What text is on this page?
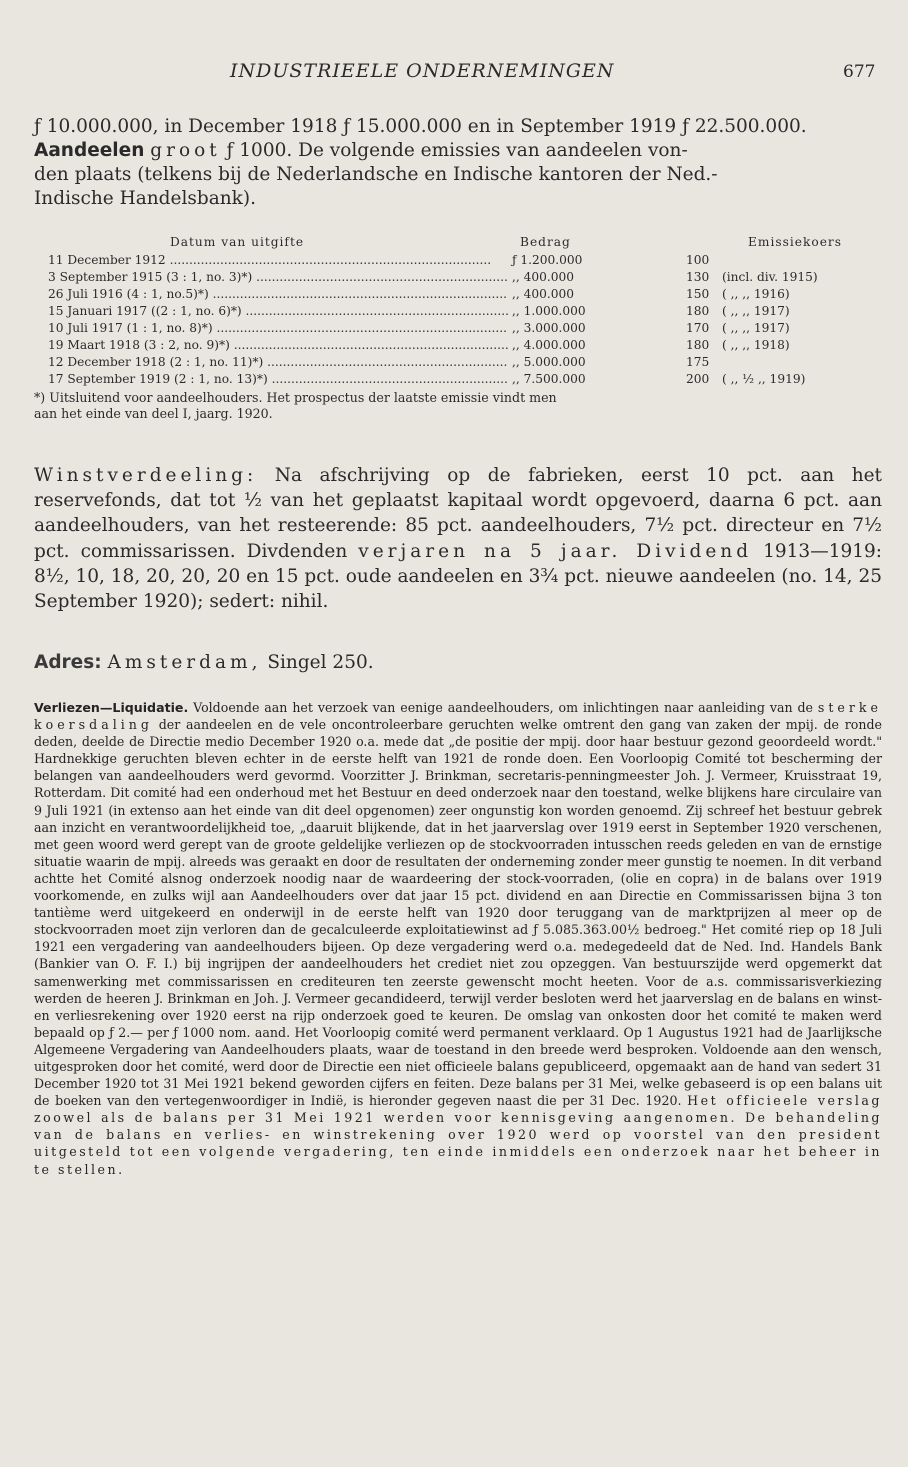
INDUSTRIEELE ONDERNEMINGEN	677

ƒ 10.000.000, in December 1918 ƒ 15.000.000 en in September 1919 ƒ 22.500.000.

Aandeelen groot ƒ 1000. De volgende emissies van aandeelen von-

den plaats (telkens bij de Nederlandsche en Indische kantoren der Ned.-

Indische Handelsbank).

Datum van uitgifte	Bedrag	Emissiekoers
11 December 1912 .....	ƒ 1.200.000	100
3 September 1915 (3 : 1, no. 3)*) .....	,, 400.000	130 (incl. div. 1915)
26 Juli 1916 (4 : 1, no.5)*) .....	,, 400.000	150 ( ,, ,, 1916)
15 Januari 1917 ((2 : 1, no. 6)*) .....	,, 1.000.000	180 ( ,, ,, 1917)
10 Juli 1917 (1 : 1, no. 8)*) .....	,, 3.000.000	170 ( ,, ,, 1917)
19 Maart 1918 (3 : 2, no. 9)*) .....	,, 4.000.000	180 ( ,, ,, 1918)
12 December 1918 (2 : 1, no. 11)*) .....	,, 5.000.000	175
17 September 1919 (2 : 1, no. 13)*) .....	,, 7.500.000	200 ( ,, ½ ,, 1919)
*) Uitsluitend voor aandeelhouders. Het prospectus der laatste emissie vindt men
aan het einde van deel I, jaarg. 1920.

Winstverdeeling: Na afschrijving op de fabrieken, eerst 10 pct. aan het reservefonds, dat tot ½ van het geplaatst kapitaal wordt opgevoerd, daarna 6 pct. aan aandeelhouders, van het resteerende: 85 pct. aandeelhouders, 7½ pct. directeur en 7½ pct. commissarissen. Divdenden verjaren na 5 jaar. Dividend 1913—1919: 8½, 10, 18, 20, 20, 20 en 15 pct. oude aandeelen en 3¾ pct. nieuwe aandeelen (no. 14, 25 September 1920); sedert: nihil.

Adres: Amsterdam, Singel 250.

Verliezen—Liquidatie. Voldoende aan het verzoek van eenige aandeelhouders, om inlichtingen naar aanleiding van de sterke koersdaling der aandeelen en de vele oncontroleerbare geruchten welke omtrent den gang van zaken der mpij. de ronde deden, deelde de Directie medio December 1920 o.a. mede dat „de positie der mpij. door haar bestuur gezond geoordeeld wordt." Hardnekkige geruchten bleven echter in de eerste helft van 1921 de ronde doen. Een Voorloopig Comité tot bescherming der belangen van aandeelhouders werd gevormd. Voorzitter J. Brinkman, secretaris-penningmeester Joh. J. Vermeer, Kruisstraat 19, Rotterdam. Dit comité had een onderhoud met het Bestuur en deed onderzoek naar den toestand, welke blijkens hare circulaire van 9 Juli 1921 (in extenso aan het einde van dit deel opgenomen) zeer ongunstig kon worden genoemd. Zij schreef het bestuur gebrek aan inzicht en verantwoordelijkheid toe, „daaruit blijkende, dat in het jaarverslag over 1919 eerst in September 1920 verschenen, met geen woord werd gerept van de groote geldelijke verliezen op de stockvoorraden intusschen reeds geleden en van de ernstige situatie waarin de mpij. alreeds was geraakt en door de resultaten der onderneming zonder meer gunstig te noemen. In dit verband achtte het Comité alsnog onderzoek noodig naar de waardeering der stock-voorraden, (olie en copra) in de balans over 1919 voorkomende, en zulks wijl aan Aandeelhouders over dat jaar 15 pct. dividend en aan Directie en Commissarissen bijna 3 ton tantième werd uitgekeerd en onderwijl in de eerste helft van 1920 door teruggang van de marktprijzen al meer op de stockvoorraden moet zijn verloren dan de gecalculeerde exploitatiewinst ad ƒ 5.085.363.00½ bedroeg." Het comité riep op 18 Juli 1921 een vergadering van aandeelhouders bijeen. Op deze vergadering werd o.a. medegedeeld dat de Ned. Ind. Handels Bank (Bankier van O. F. I.) bij ingrijpen der aandeelhouders het crediet niet zou opzeggen. Van bestuurszijde werd opgemerkt dat samenwerking met commissarissen en crediteuren ten zeerste gewenscht mocht heeten. Voor de a.s. commissarisverkiezing werden de heeren J. Brinkman en Joh. J. Vermeer gecandideerd, terwijl verder besloten werd het jaarverslag en de balans en winst- en verliesrekening over 1920 eerst na rijp onderzoek goed te keuren. De omslag van onkosten door het comité te maken werd bepaald op ƒ 2.— per ƒ 1000 nom. aand. Het Voorloopig comité werd permanent verklaard. Op 1 Augustus 1921 had de Jaarlijksche Algemeene Vergadering van Aandeelhouders plaats, waar de toestand in den breede werd besproken. Voldoende aan den wensch, uitgesproken door het comité, werd door de Directie een niet officieele balans gepubliceerd, opgemaakt aan de hand van sedert 31 December 1920 tot 31 Mei 1921 bekend geworden cijfers en feiten. Deze balans per 31 Mei, welke gebaseerd is op een balans uit de boeken van den vertegenwoordiger in Indië, is hieronder gegeven naast die per 31 Dec. 1920. Het officieele verslag zoowel als de balans per 31 Mei 1921 werden voor kennisgeving aangenomen. De behandeling van de balans en verlies- en winstrekening over 1920 werd op voorstel van den president uitgesteld tot een volgende vergadering, ten einde inmiddels een onderzoek naar het beheer in te stellen.
